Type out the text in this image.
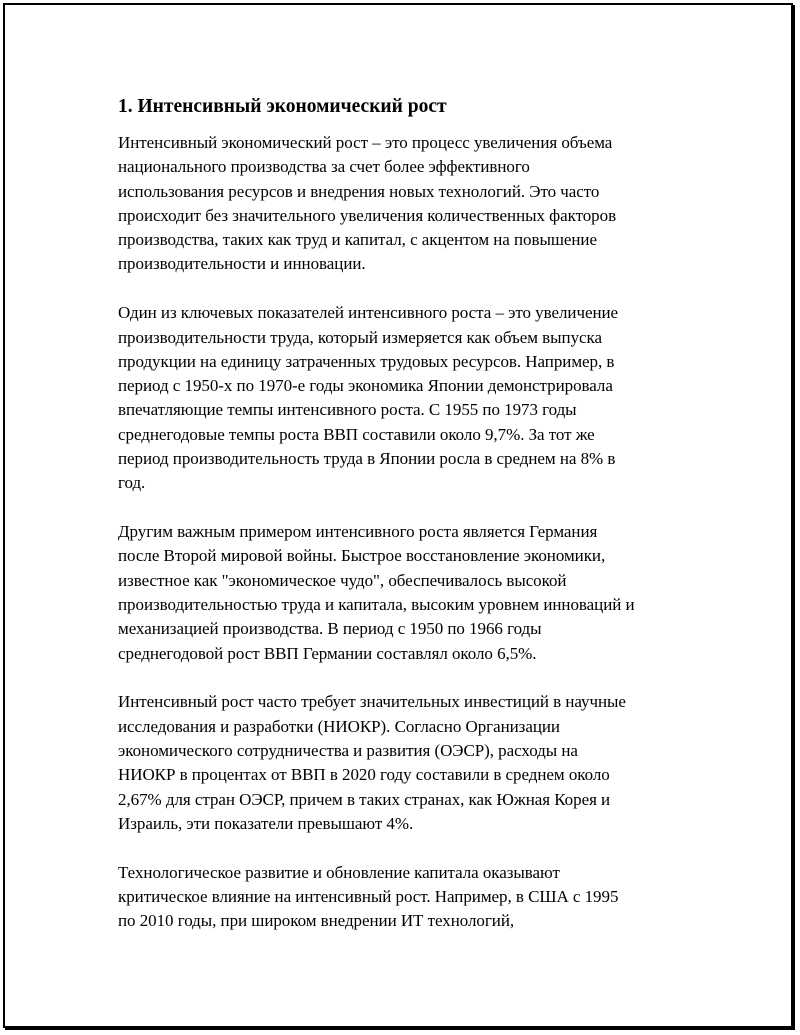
1. Интенсивный экономический рост

Интенсивный экономический рост – это процесс увеличения объема
национального производства за счет более эффективного
использования ресурсов и внедрения новых технологий. Это часто
происходит без значительного увеличения количественных факторов
производства, таких как труд и капитал, с акцентом на повышение
производительности и инновации.

Один из ключевых показателей интенсивного роста – это увеличение
производительности труда, который измеряется как объем выпуска
продукции на единицу затраченных трудовых ресурсов. Например, в
период с 1950-х по 1970-е годы экономика Японии демонстрировала
впечатляющие темпы интенсивного роста. С 1955 по 1973 годы
среднегодовые темпы роста ВВП составили около 9,7%. За тот же
период производительность труда в Японии росла в среднем на 8% в
год.

Другим важным примером интенсивного роста является Германия
после Второй мировой войны. Быстрое восстановление экономики,
известное как "экономическое чудо", обеспечивалось высокой
производительностью труда и капитала, высоким уровнем инноваций и
механизацией производства. В период с 1950 по 1966 годы
среднегодовой рост ВВП Германии составлял около 6,5%.

Интенсивный рост часто требует значительных инвестиций в научные
исследования и разработки (НИОКР). Согласно Организации
экономического сотрудничества и развития (ОЭСР), расходы на
НИОКР в процентах от ВВП в 2020 году составили в среднем около
2,67% для стран ОЭСР, причем в таких странах, как Южная Корея и
Израиль, эти показатели превышают 4%.

Технологическое развитие и обновление капитала оказывают
критическое влияние на интенсивный рост. Например, в США с 1995
по 2010 годы, при широком внедрении ИТ технологий,
